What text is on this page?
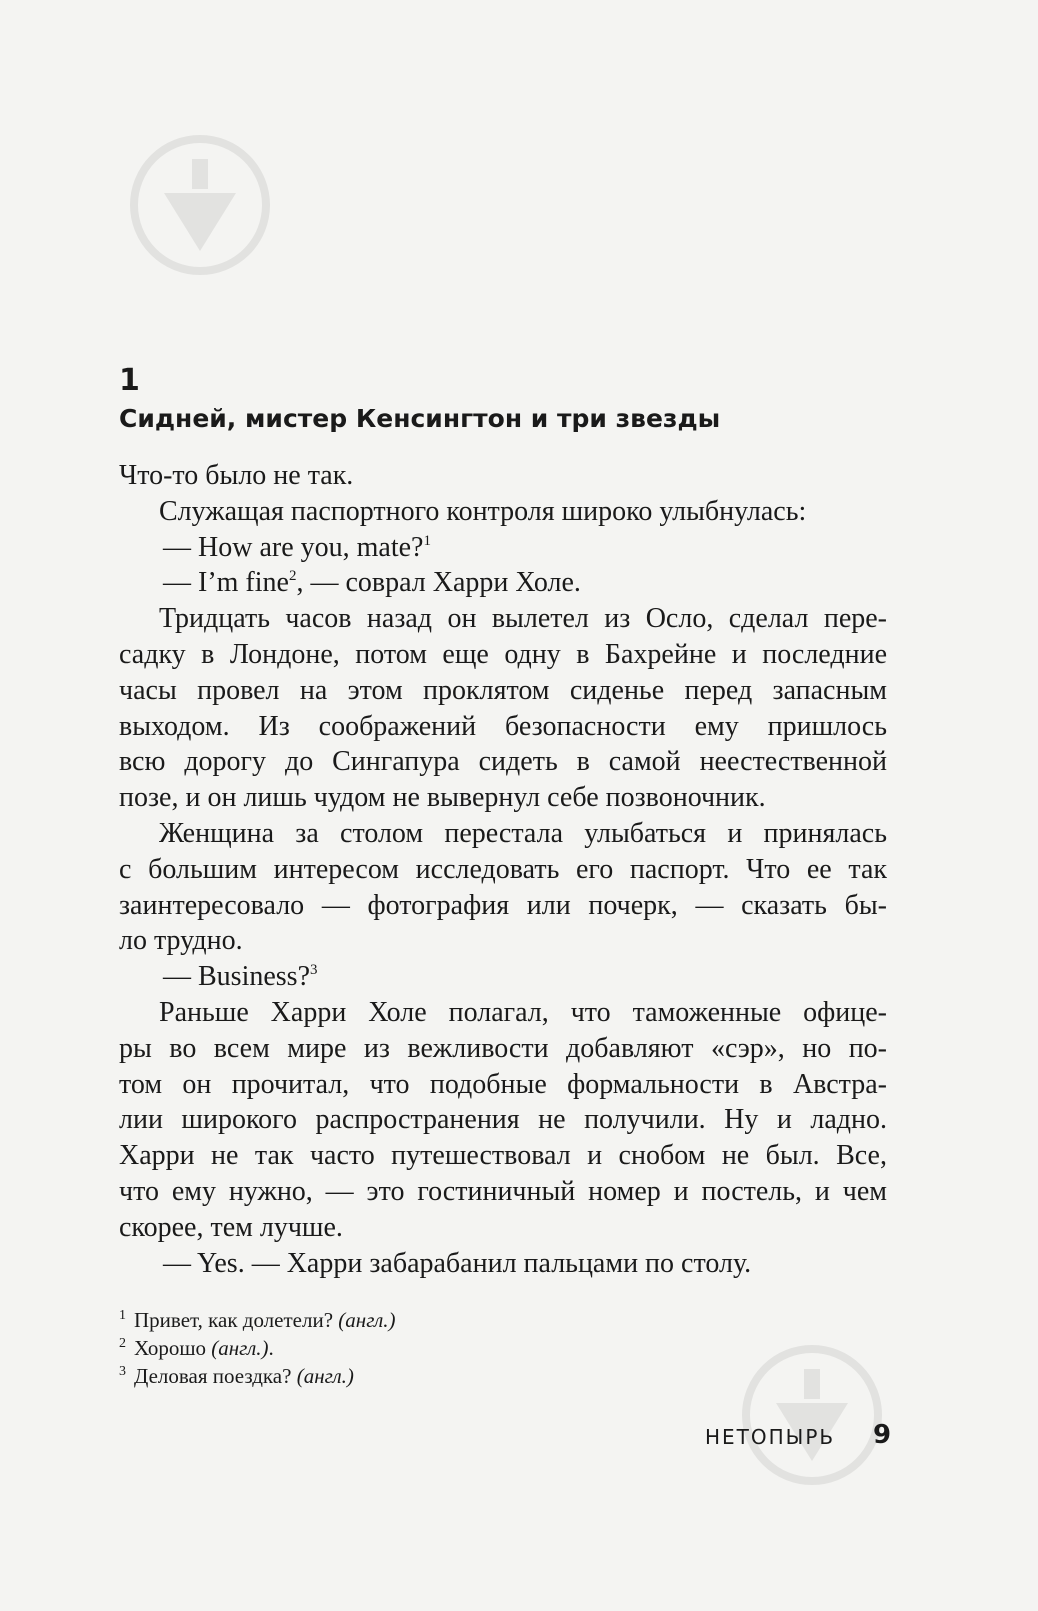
1
Сидней, мистер Кенсингтон и три звезды
Что-то было не так.
Служащая паспортного контроля широко улыбнулась:
— How are you, mate?$^1$
— I’m fine$^2$, — соврал Харри Холе.
Тридцать часов назад он вылетел из Осло, сделал пере-
садку в Лондоне, потом еще одну в Бахрейне и последние
часы провел на этом проклятом сиденье перед запасным
выходом. Из соображений безопасности ему пришлось
всю дорогу до Сингапура сидеть в самой неестественной
позе, и он лишь чудом не вывернул себе позвоночник.
Женщина за столом перестала улыбаться и принялась
с большим интересом исследовать его паспорт. Что ее так
заинтересовало — фотография или почерк, — сказать бы-
ло трудно.
— Business?$^3$
Раньше Харри Холе полагал, что таможенные офице-
ры во всем мире из вежливости добавляют «сэр», но по-
том он прочитал, что подобные формальности в Австра-
лии широкого распространения не получили. Ну и ладно.
Харри не так часто путешествовал и снобом не был. Все,
что ему нужно, — это гостиничный номер и постель, и чем
скорее, тем лучше.
— Yes. — Харри забарабанил пальцами по столу.
$^1$ Привет, как долетели? (англ.)
$^2$ Хорошо (англ.).
$^3$ Деловая поездка? (англ.)
НЕТОПЫРЬ 9
